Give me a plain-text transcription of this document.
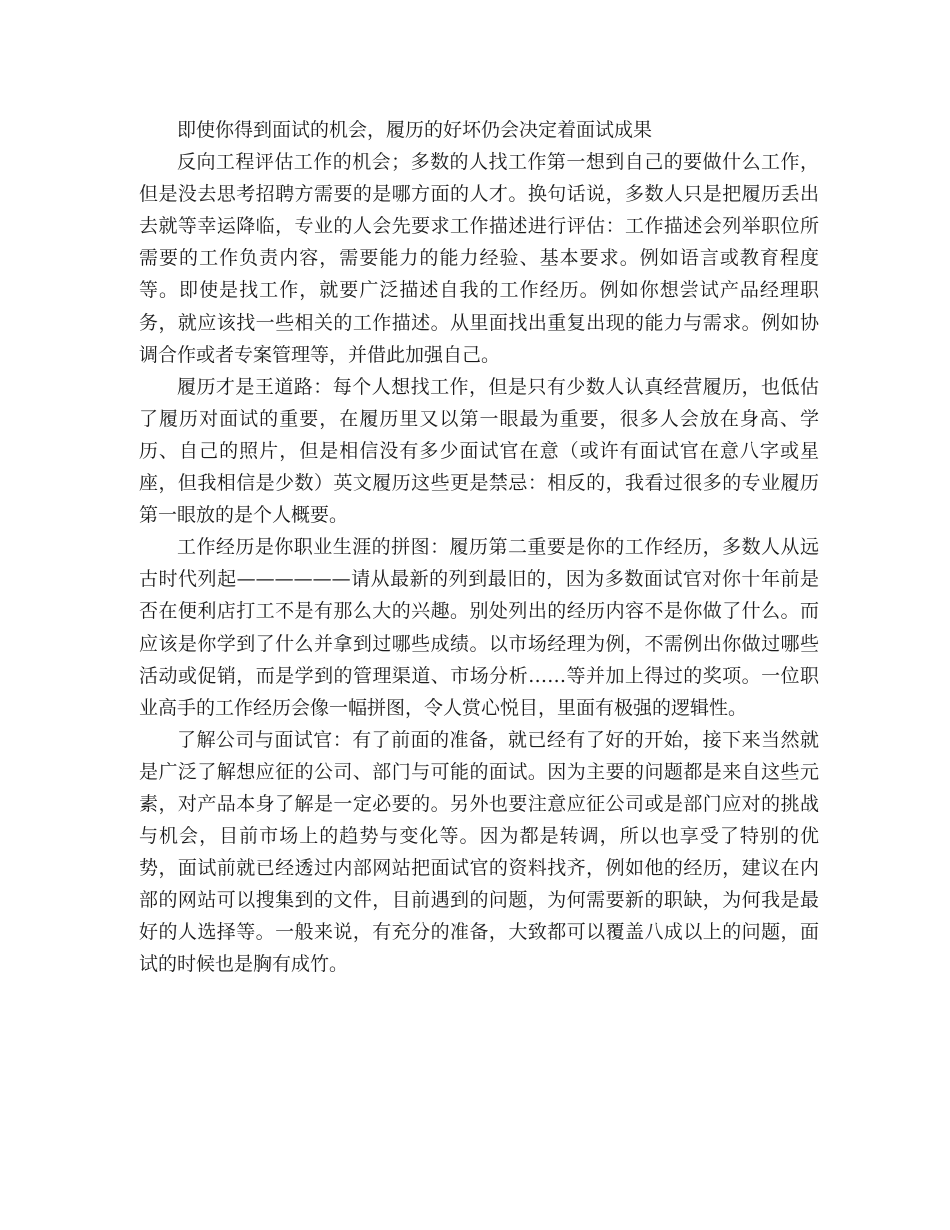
即使你得到面试的机会，履历的好坏仍会决定着面试成果

反向工程评估工作的机会；多数的人找工作第一想到自己的要做什么工作，但是没去思考招聘方需要的是哪方面的人才。换句话说，多数人只是把履历丢出去就等幸运降临，专业的人会先要求工作描述进行评估：工作描述会列举职位所需要的工作负责内容，需要能力的能力经验、基本要求。例如语言或教育程度等。即使是找工作，就要广泛描述自我的工作经历。例如你想尝试产品经理职务，就应该找一些相关的工作描述。从里面找出重复出现的能力与需求。例如协调合作或者专案管理等，并借此加强自己。

履历才是王道路：每个人想找工作，但是只有少数人认真经营履历，也低估了履历对面试的重要，在履历里又以第一眼最为重要，很多人会放在身高、学历、自己的照片，但是相信没有多少面试官在意（或许有面试官在意八字或星座，但我相信是少数）英文履历这些更是禁忌：相反的，我看过很多的专业履历第一眼放的是个人概要。

工作经历是你职业生涯的拼图：履历第二重要是你的工作经历，多数人从远古时代列起——————请从最新的列到最旧的，因为多数面试官对你十年前是否在便利店打工不是有那么大的兴趣。别处列出的经历内容不是你做了什么。而应该是你学到了什么并拿到过哪些成绩。以市场经理为例，不需例出你做过哪些活动或促销，而是学到的管理渠道、市场分析……等并加上得过的奖项。一位职业高手的工作经历会像一幅拼图，令人赏心悦目，里面有极强的逻辑性。

了解公司与面试官：有了前面的准备，就已经有了好的开始，接下来当然就是广泛了解想应征的公司、部门与可能的面试。因为主要的问题都是来自这些元素，对产品本身了解是一定必要的。另外也要注意应征公司或是部门应对的挑战与机会，目前市场上的趋势与变化等。因为都是转调，所以也享受了特别的优势，面试前就已经透过内部网站把面试官的资料找齐，例如他的经历，建议在内部的网站可以搜集到的文件，目前遇到的问题，为何需要新的职缺，为何我是最好的人选择等。一般来说，有充分的准备，大致都可以覆盖八成以上的问题，面试的时候也是胸有成竹。
